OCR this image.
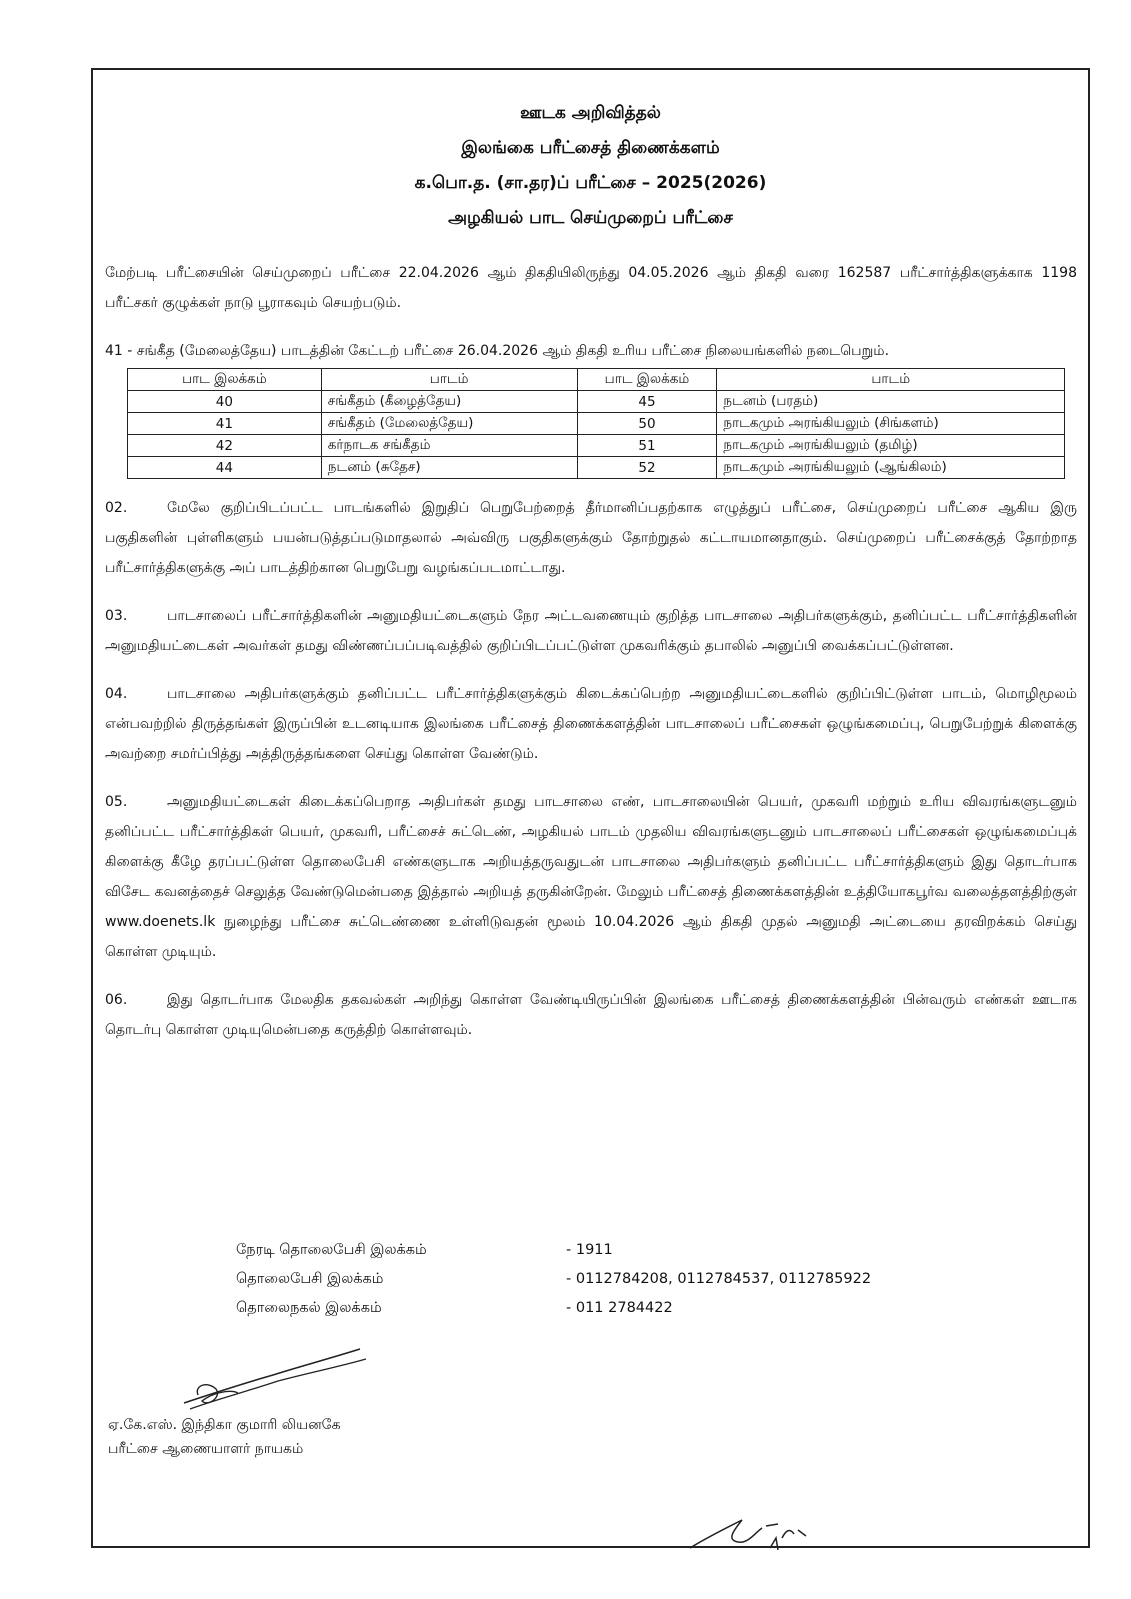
ஊடக அறிவித்தல்
இலங்கை பரீட்சைத் திணைக்களம்
க.பொ.த. (சா.தர)ப் பரீட்சை – 2025(2026)
அழகியல் பாட செய்முறைப் பரீட்சை

மேற்படி பரீட்சையின் செய்முறைப் பரீட்சை 22.04.2026 ஆம் திகதியிலிருந்து 04.05.2026 ஆம் திகதி வரை 162587 பரீட்சார்த்திகளுக்காக 1198 பரீட்சகர் குழுக்கள் நாடு பூராகவும் செயற்படும்.

41 - சங்கீத (மேலைத்தேய) பாடத்தின் கேட்டற் பரீட்சை 26.04.2026 ஆம் திகதி உரிய பரீட்சை நிலையங்களில் நடைபெறும்.

பாட இலக்கம்	பாடம்	பாட இலக்கம்	பாடம்
40	சங்கீதம் (கீழைத்தேய)	45	நடனம் (பரதம்)
41	சங்கீதம் (மேலைத்தேய)	50	நாடகமும் அரங்கியலும் (சிங்களம்)
42	கர்நாடக சங்கீதம்	51	நாடகமும் அரங்கியலும் (தமிழ்)
44	நடனம் (சுதேச)	52	நாடகமும் அரங்கியலும் (ஆங்கிலம்)

02.	மேலே குறிப்பிடப்பட்ட பாடங்களில் இறுதிப் பெறுபேற்றைத் தீர்மானிப்பதற்காக எழுத்துப் பரீட்சை, செய்முறைப் பரீட்சை ஆகிய இரு பகுதிகளின் புள்ளிகளும் பயன்படுத்தப்படுமாதலால் அவ்விரு பகுதிகளுக்கும் தோற்றுதல் கட்டாயமானதாகும். செய்முறைப் பரீட்சைக்குத் தோற்றாத பரீட்சார்த்திகளுக்கு அப் பாடத்திற்கான பெறுபேறு வழங்கப்படமாட்டாது.

03.	பாடசாலைப் பரீட்சார்த்திகளின் அனுமதியட்டைகளும் நேர அட்டவணையும் குறித்த பாடசாலை அதிபர்களுக்கும், தனிப்பட்ட பரீட்சார்த்திகளின் அனுமதியட்டைகள் அவர்கள் தமது விண்ணப்பப்படிவத்தில் குறிப்பிடப்பட்டுள்ள முகவரிக்கும் தபாலில் அனுப்பி வைக்கப்பட்டுள்ளன.

04.	பாடசாலை அதிபர்களுக்கும் தனிப்பட்ட பரீட்சார்த்திகளுக்கும் கிடைக்கப்பெற்ற அனுமதியட்டைகளில் குறிப்பிட்டுள்ள பாடம், மொழிமூலம் என்பவற்றில் திருத்தங்கள் இருப்பின் உடனடியாக இலங்கை பரீட்சைத் திணைக்களத்தின் பாடசாலைப் பரீட்சைகள் ஒழுங்கமைப்பு, பெறுபேற்றுக் கிளைக்கு அவற்றை சமர்ப்பித்து அத்திருத்தங்களை செய்து கொள்ள வேண்டும்.

05.	அனுமதியட்டைகள் கிடைக்கப்பெறாத அதிபர்கள் தமது பாடசாலை எண், பாடசாலையின் பெயர், முகவரி மற்றும் உரிய விவரங்களுடனும் தனிப்பட்ட பரீட்சார்த்திகள் பெயர், முகவரி, பரீட்சைச் சுட்டெண், அழகியல் பாடம் முதலிய விவரங்களுடனும் பாடசாலைப் பரீட்சைகள் ஒழுங்கமைப்புக் கிளைக்கு கீழே தரப்பட்டுள்ள தொலைபேசி எண்களுடாக அறியத்தருவதுடன் பாடசாலை அதிபர்களும் தனிப்பட்ட பரீட்சார்த்திகளும் இது தொடர்பாக விசேட கவனத்தைச் செலுத்த வேண்டுமென்பதை இத்தால் அறியத் தருகின்றேன். மேலும் பரீட்சைத் திணைக்களத்தின் உத்தியோகபூர்வ வலைத்தளத்திற்குள் www.doenets.lk நுழைந்து பரீட்சை சுட்டெண்ணை உள்ளிடுவதன் மூலம் 10.04.2026 ஆம் திகதி முதல் அனுமதி அட்டையை தரவிறக்கம் செய்து கொள்ள முடியும்.

06.	இது தொடர்பாக மேலதிக தகவல்கள் அறிந்து கொள்ள வேண்டியிருப்பின் இலங்கை பரீட்சைத் திணைக்களத்தின் பின்வரும் எண்கள் ஊடாக தொடர்பு கொள்ள முடியுமென்பதை கருத்திற் கொள்ளவும்.

நேரடி தொலைபேசி இலக்கம்	- 1911
தொலைபேசி இலக்கம்	- 0112784208, 0112784537, 0112785922
தொலைநகல் இலக்கம்	- 011 2784422
ஏ.கே.எஸ். இந்திகா குமாரி லியனகே
பரீட்சை ஆணையாளர் நாயகம்
